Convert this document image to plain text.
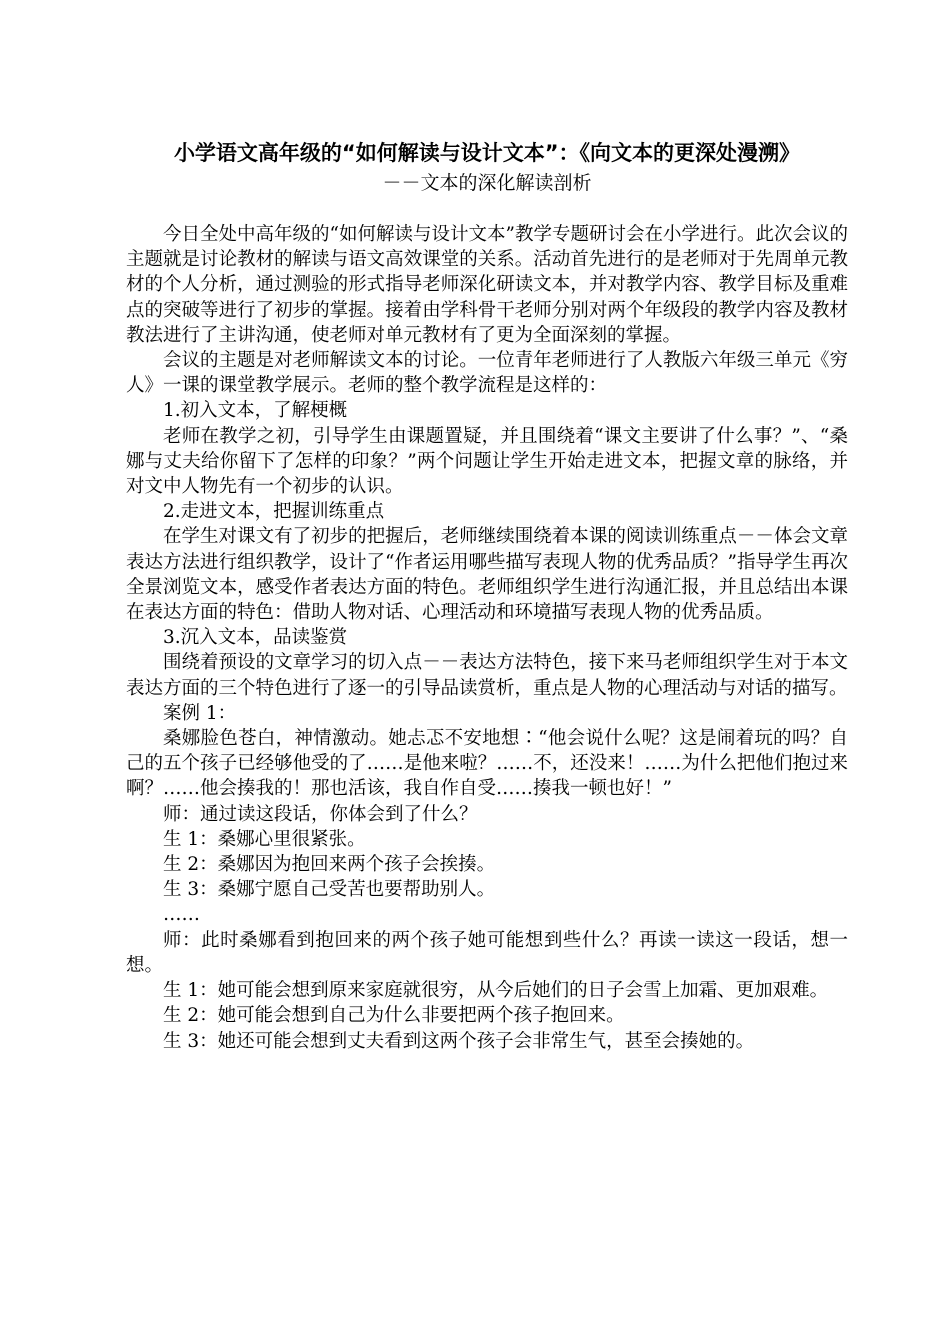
小学语文高年级的“如何解读与设计文本”：《向文本的更深处漫溯》

－－文本的深化解读剖析

今日全处中高年级的“如何解读与设计文本”教学专题研讨会在小学进行。此次会议的主题就是讨论教材的解读与语文高效课堂的关系。活动首先进行的是老师对于先周单元教材的个人分析，通过测验的形式指导老师深化研读文本，并对教学内容、教学目标及重难点的突破等进行了初步的掌握。接着由学科骨干老师分别对两个年级段的教学内容及教材教法进行了主讲沟通，使老师对单元教材有了更为全面深刻的掌握。

会议的主题是对老师解读文本的讨论。一位青年老师进行了人教版六年级三单元《穷人》一课的课堂教学展示。老师的整个教学流程是这样的：

1.初入文本，了解梗概

老师在教学之初，引导学生由课题置疑，并且围绕着“课文主要讲了什么事？”、“桑娜与丈夫给你留下了怎样的印象？”两个问题让学生开始走进文本，把握文章的脉络，并对文中人物先有一个初步的认识。

2.走进文本，把握训练重点

在学生对课文有了初步的把握后，老师继续围绕着本课的阅读训练重点－－体会文章表达方法进行组织教学，设计了“作者运用哪些描写表现人物的优秀品质？”指导学生再次全景浏览文本，感受作者表达方面的特色。老师组织学生进行沟通汇报，并且总结出本课在表达方面的特色：借助人物对话、心理活动和环境描写表现人物的优秀品质。

3.沉入文本，品读鉴赏

围绕着预设的文章学习的切入点－－表达方法特色，接下来马老师组织学生对于本文表达方面的三个特色进行了逐一的引导品读赏析，重点是人物的心理活动与对话的描写。

案例 1：

桑娜脸色苍白，神情激动。她忐忑不安地想∶“他会说什么呢？这是闹着玩的吗？自己的五个孩子已经够他受的了……是他来啦？……不，还没来！……为什么把他们抱过来啊？……他会揍我的！那也活该，我自作自受……揍我一顿也好！”

师：通过读这段话，你体会到了什么？

生 1：桑娜心里很紧张。

生 2：桑娜因为抱回来两个孩子会挨揍。

生 3：桑娜宁愿自己受苦也要帮助别人。

……

师：此时桑娜看到抱回来的两个孩子她可能想到些什么？再读一读这一段话，想一想。

生 1：她可能会想到原来家庭就很穷，从今后她们的日子会雪上加霜、更加艰难。

生 2：她可能会想到自己为什么非要把两个孩子抱回来。

生 3：她还可能会想到丈夫看到这两个孩子会非常生气，甚至会揍她的。
